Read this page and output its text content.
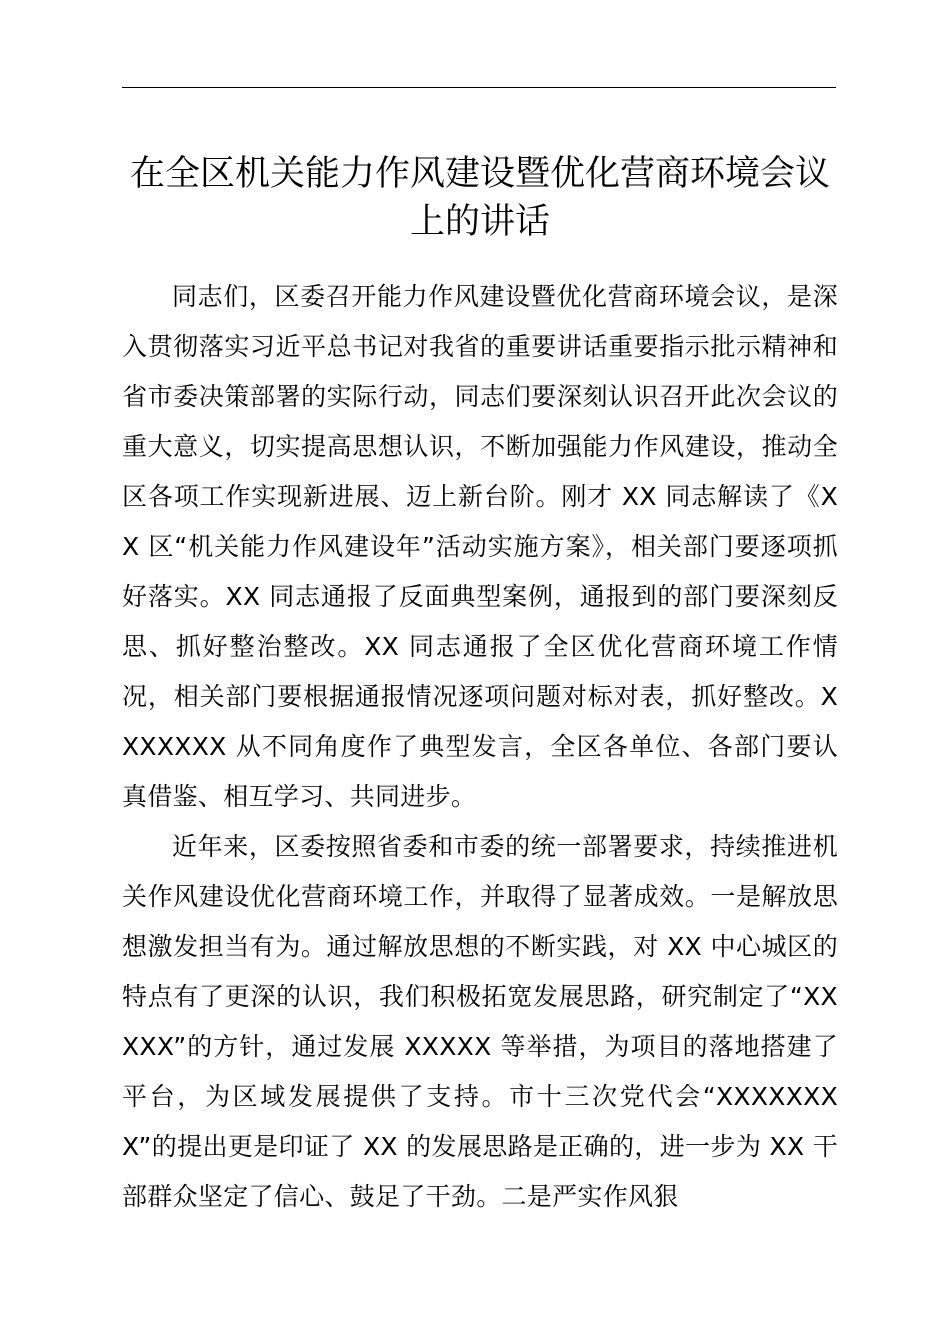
在全区机关能力作风建设暨优化营商环境会议
上的讲话

同志们，区委召开能力作风建设暨优化营商环境会议，是深入贯彻落实习近平总书记对我省的重要讲话重要指示批示精神和省市委决策部署的实际行动，同志们要深刻认识召开此次会议的重大意义，切实提高思想认识，不断加强能力作风建设，推动全区各项工作实现新进展、迈上新台阶。刚才 XX 同志解读了《XX 区“机关能力作风建设年”活动实施方案》，相关部门要逐项抓好落实。XX 同志通报了反面典型案例，通报到的部门要深刻反思、抓好整治整改。XX 同志通报了全区优化营商环境工作情况，相关部门要根据通报情况逐项问题对标对表，抓好整改。XXXXXXX 从不同角度作了典型发言，全区各单位、各部门要认真借鉴、相互学习、共同进步。

近年来，区委按照省委和市委的统一部署要求，持续推进机关作风建设优化营商环境工作，并取得了显著成效。一是解放思想激发担当有为。通过解放思想的不断实践，对 XX 中心城区的特点有了更深的认识，我们积极拓宽发展思路，研究制定了“XXXXX”的方针，通过发展 XXXXX 等举措，为项目的落地搭建了平台，为区域发展提供了支持。市十三次党代会“XXXXXXXX”的提出更是印证了 XX 的发展思路是正确的，进一步为 XX 干部群众坚定了信心、鼓足了干劲。二是严实作风狠
